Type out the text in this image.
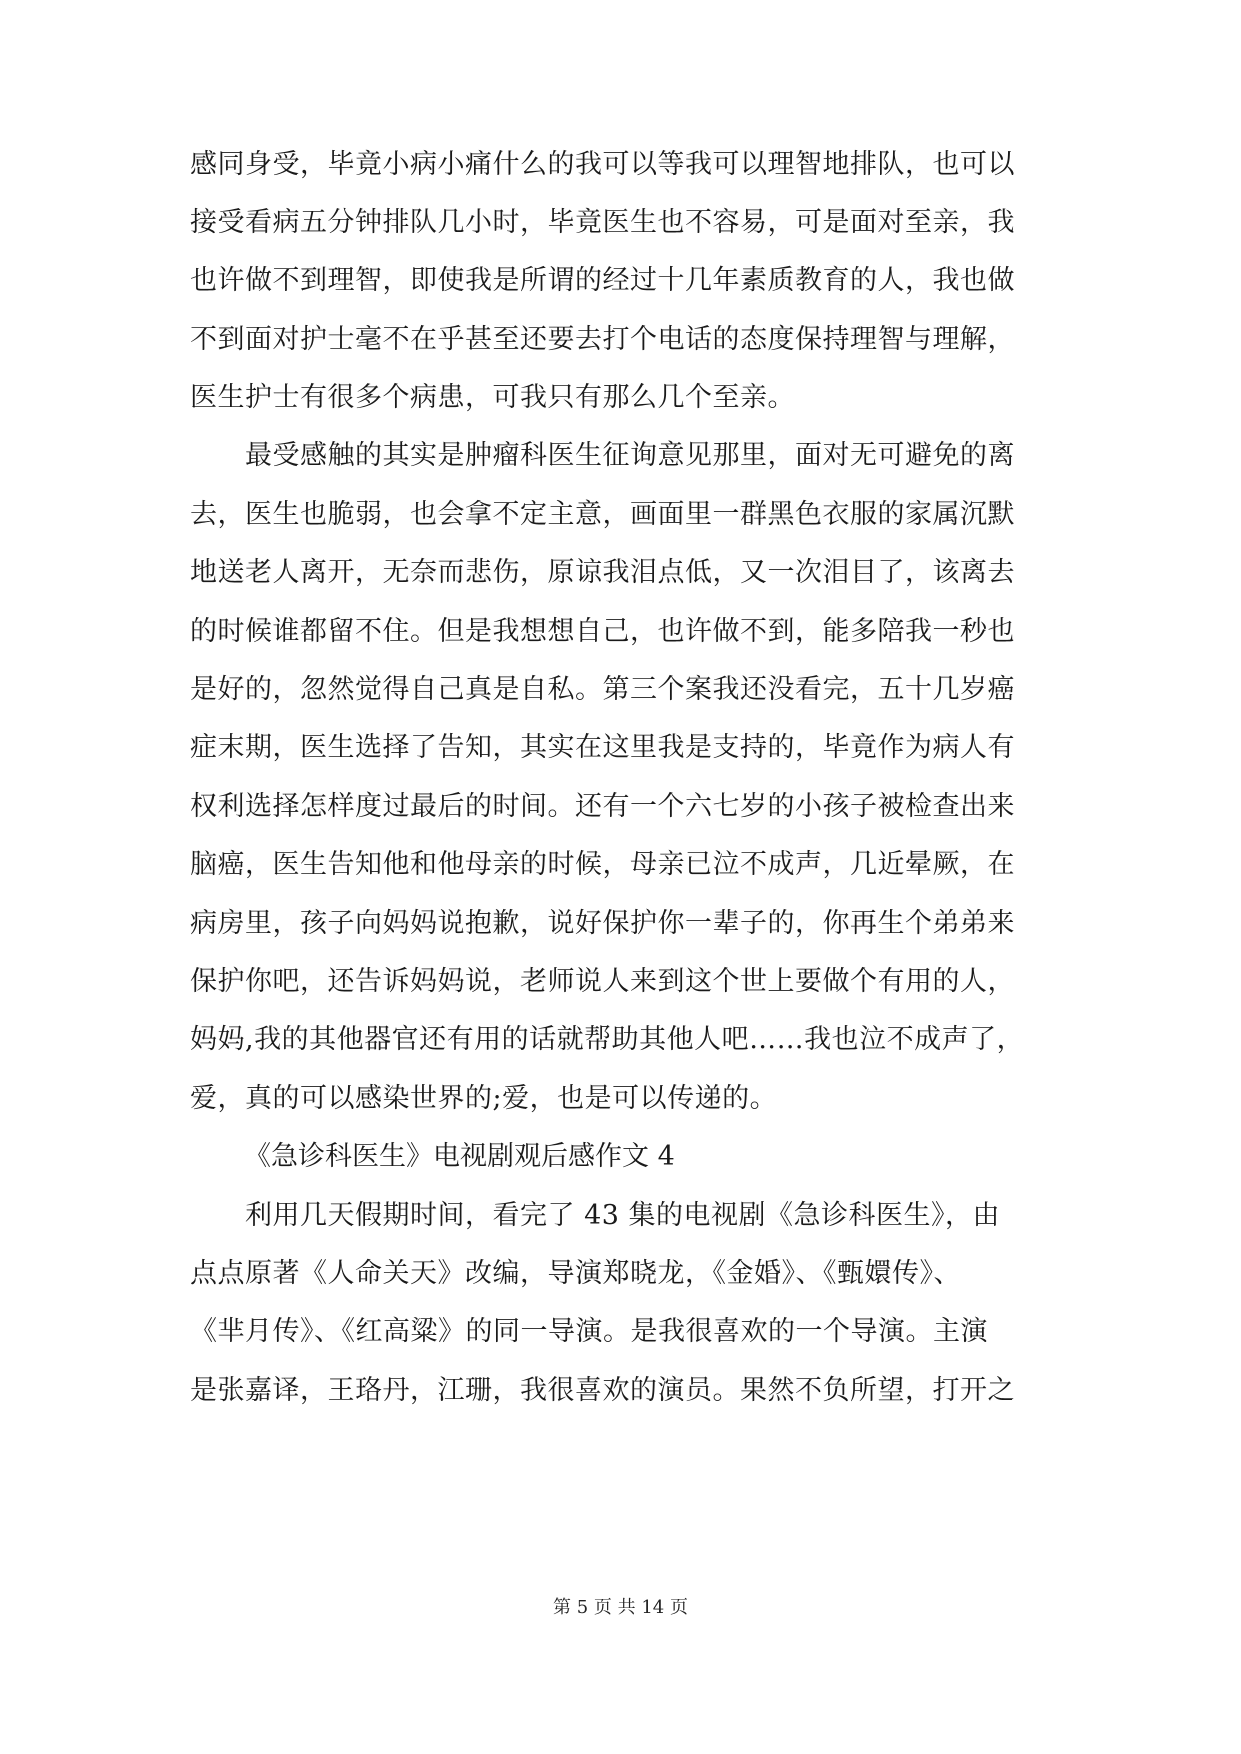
感同身受，毕竟小病小痛什么的我可以等我可以理智地排队，也可以
接受看病五分钟排队几小时，毕竟医生也不容易，可是面对至亲，我
也许做不到理智，即使我是所谓的经过十几年素质教育的人，我也做
不到面对护士毫不在乎甚至还要去打个电话的态度保持理智与理解，
医生护士有很多个病患，可我只有那么几个至亲。
　　最受感触的其实是肿瘤科医生征询意见那里，面对无可避免的离
去，医生也脆弱，也会拿不定主意，画面里一群黑色衣服的家属沉默
地送老人离开，无奈而悲伤，原谅我泪点低，又一次泪目了，该离去
的时候谁都留不住。但是我想想自己，也许做不到，能多陪我一秒也
是好的，忽然觉得自己真是自私。第三个案我还没看完，五十几岁癌
症末期，医生选择了告知，其实在这里我是支持的，毕竟作为病人有
权利选择怎样度过最后的时间。还有一个六七岁的小孩子被检查出来
脑癌，医生告知他和他母亲的时候，母亲已泣不成声，几近晕厥，在
病房里，孩子向妈妈说抱歉，说好保护你一辈子的，你再生个弟弟来
保护你吧，还告诉妈妈说，老师说人来到这个世上要做个有用的人，
妈妈,我的其他器官还有用的话就帮助其他人吧……我也泣不成声了，
爱，真的可以感染世界的;爱，也是可以传递的。
《急诊科医生》电视剧观后感作文 4
　　利用几天假期时间，看完了 43 集的电视剧《急诊科医生》，由
点点原著《人命关天》改编，导演郑晓龙，《金婚》、《甄嬛传》、
《芈月传》、《红高粱》的同一导演。是我很喜欢的一个导演。主演
是张嘉译，王珞丹，江珊，我很喜欢的演员。果然不负所望，打开之
第 5 页 共 14 页
